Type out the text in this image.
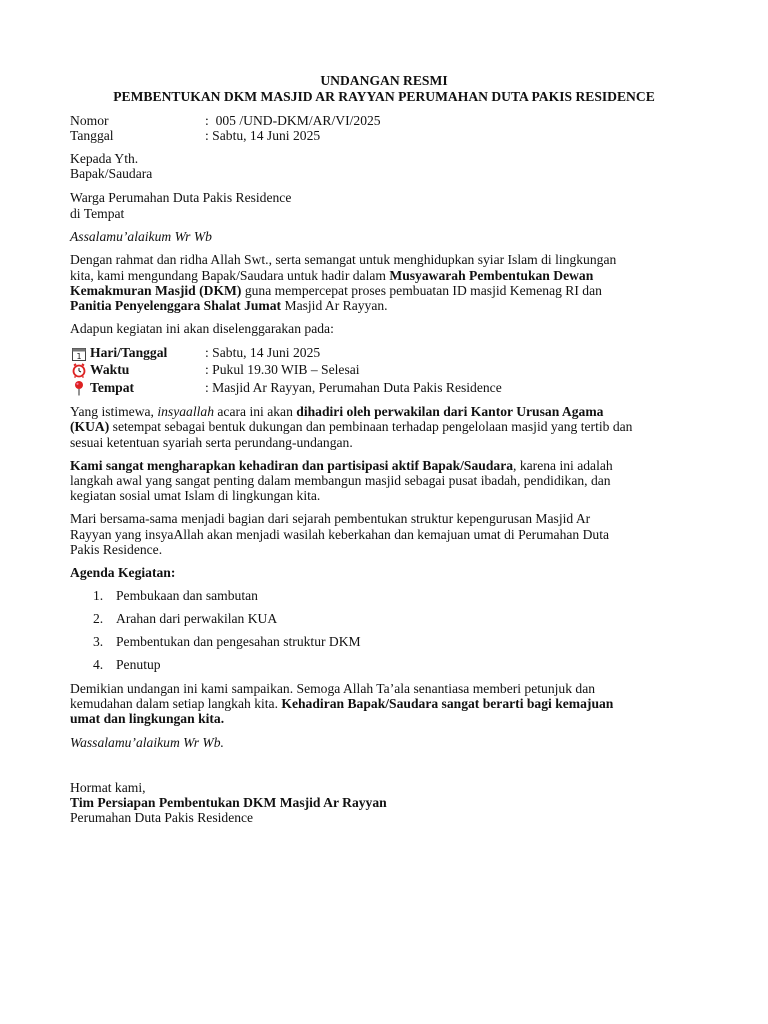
UNDANGAN RESMI
PEMBENTUKAN DKM MASJID AR RAYYAN PERUMAHAN DUTA PAKIS RESIDENCE
Nomor	:  005 /UND-DKM/AR/VI/2025
Tanggal	: Sabtu, 14 Juni 2025
Kepada Yth.
Bapak/Saudara
Warga Perumahan Duta Pakis Residence
di Tempat
Assalamu’alaikum Wr Wb
Dengan rahmat dan ridha Allah Swt., serta semangat untuk menghidupkan syiar Islam di lingkungan
kita, kami mengundang Bapak/Saudara untuk hadir dalam Musyawarah Pembentukan Dewan
Kemakmuran Masjid (DKM) guna mempercepat proses pembuatan ID masjid Kemenag RI dan
Panitia Penyelenggara Shalat Jumat Masjid Ar Rayyan.
Adapun kegiatan ini akan diselenggarakan pada:
1 Hari/Tanggal	: Sabtu, 14 Juni 2025
Waktu	: Pukul 19.30 WIB – Selesai
Tempat	: Masjid Ar Rayyan, Perumahan Duta Pakis Residence
Yang istimewa, insyaallah acara ini akan dihadiri oleh perwakilan dari Kantor Urusan Agama
(KUA) setempat sebagai bentuk dukungan dan pembinaan terhadap pengelolaan masjid yang tertib dan
sesuai ketentuan syariah serta perundang-undangan.
Kami sangat mengharapkan kehadiran dan partisipasi aktif Bapak/Saudara, karena ini adalah
langkah awal yang sangat penting dalam membangun masjid sebagai pusat ibadah, pendidikan, dan
kegiatan sosial umat Islam di lingkungan kita.
Mari bersama-sama menjadi bagian dari sejarah pembentukan struktur kepengurusan Masjid Ar
Rayyan yang insyaAllah akan menjadi wasilah keberkahan dan kemajuan umat di Perumahan Duta
Pakis Residence.
Agenda Kegiatan:
1. Pembukaan dan sambutan
2. Arahan dari perwakilan KUA
3. Pembentukan dan pengesahan struktur DKM
4. Penutup
Demikian undangan ini kami sampaikan. Semoga Allah Ta’ala senantiasa memberi petunjuk dan
kemudahan dalam setiap langkah kita. Kehadiran Bapak/Saudara sangat berarti bagi kemajuan
umat dan lingkungan kita.
Wassalamu’alaikum Wr Wb.
Hormat kami,
Tim Persiapan Pembentukan DKM Masjid Ar Rayyan
Perumahan Duta Pakis Residence
